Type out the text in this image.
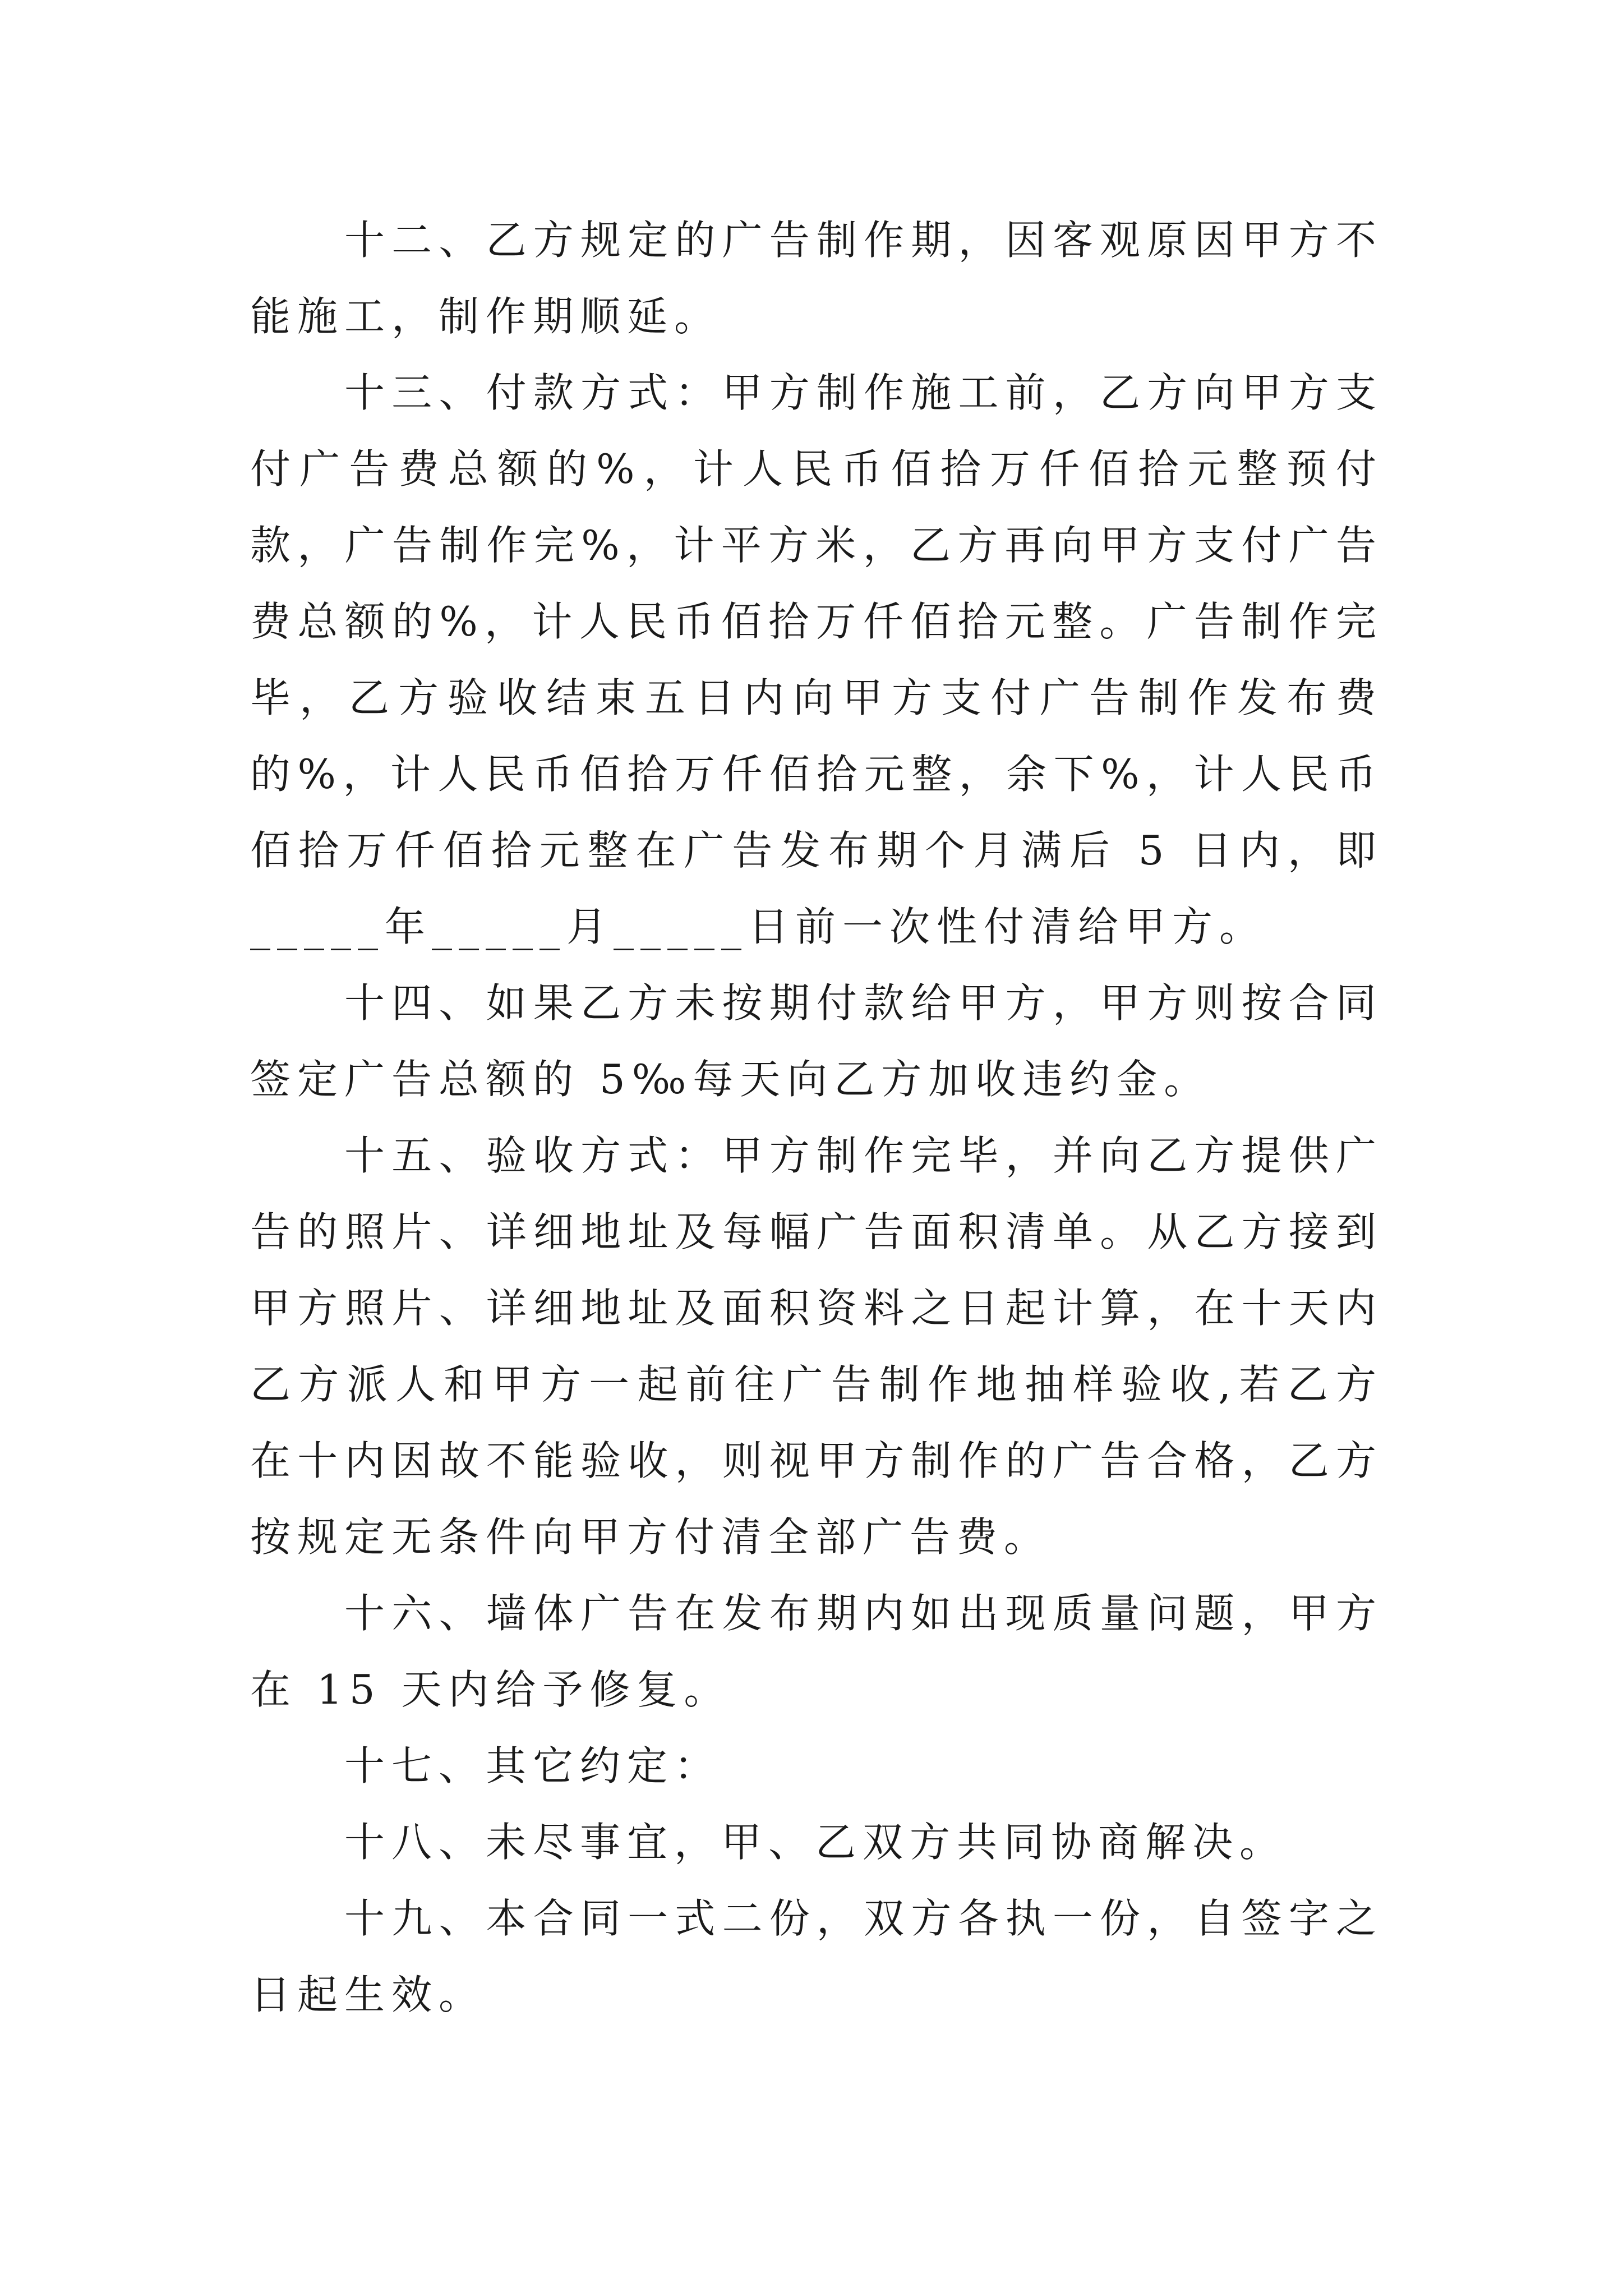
十二、乙方规定的广告制作期，因客观原因甲方不能施工，制作期顺延。

十三、付款方式：甲方制作施工前，乙方向甲方支付广告费总额的%，计人民币佰拾万仟佰拾元整预付款，广告制作完%，计平方米，乙方再向甲方支付广告费总额的%，计人民币佰拾万仟佰拾元整。广告制作完毕，乙方验收结束五日内向甲方支付广告制作发布费的%，计人民币佰拾万仟佰拾元整，余下%，计人民币佰拾万仟佰拾元整在广告发布期个月满后 5 日内，即_____年_____月_____日前一次性付清给甲方。

十四、如果乙方未按期付款给甲方，甲方则按合同签定广告总额的 5‰每天向乙方加收违约金。

十五、验收方式：甲方制作完毕，并向乙方提供广告的照片、详细地址及每幅广告面积清单。从乙方接到甲方照片、详细地址及面积资料之日起计算，在十天内乙方派人和甲方一起前往广告制作地抽样验收,若乙方在十内因故不能验收，则视甲方制作的广告合格，乙方按规定无条件向甲方付清全部广告费。

十六、墙体广告在发布期内如出现质量问题，甲方在 15 天内给予修复。

十七、其它约定：

十八、未尽事宜，甲、乙双方共同协商解决。

十九、本合同一式二份，双方各执一份，自签字之日起生效。
